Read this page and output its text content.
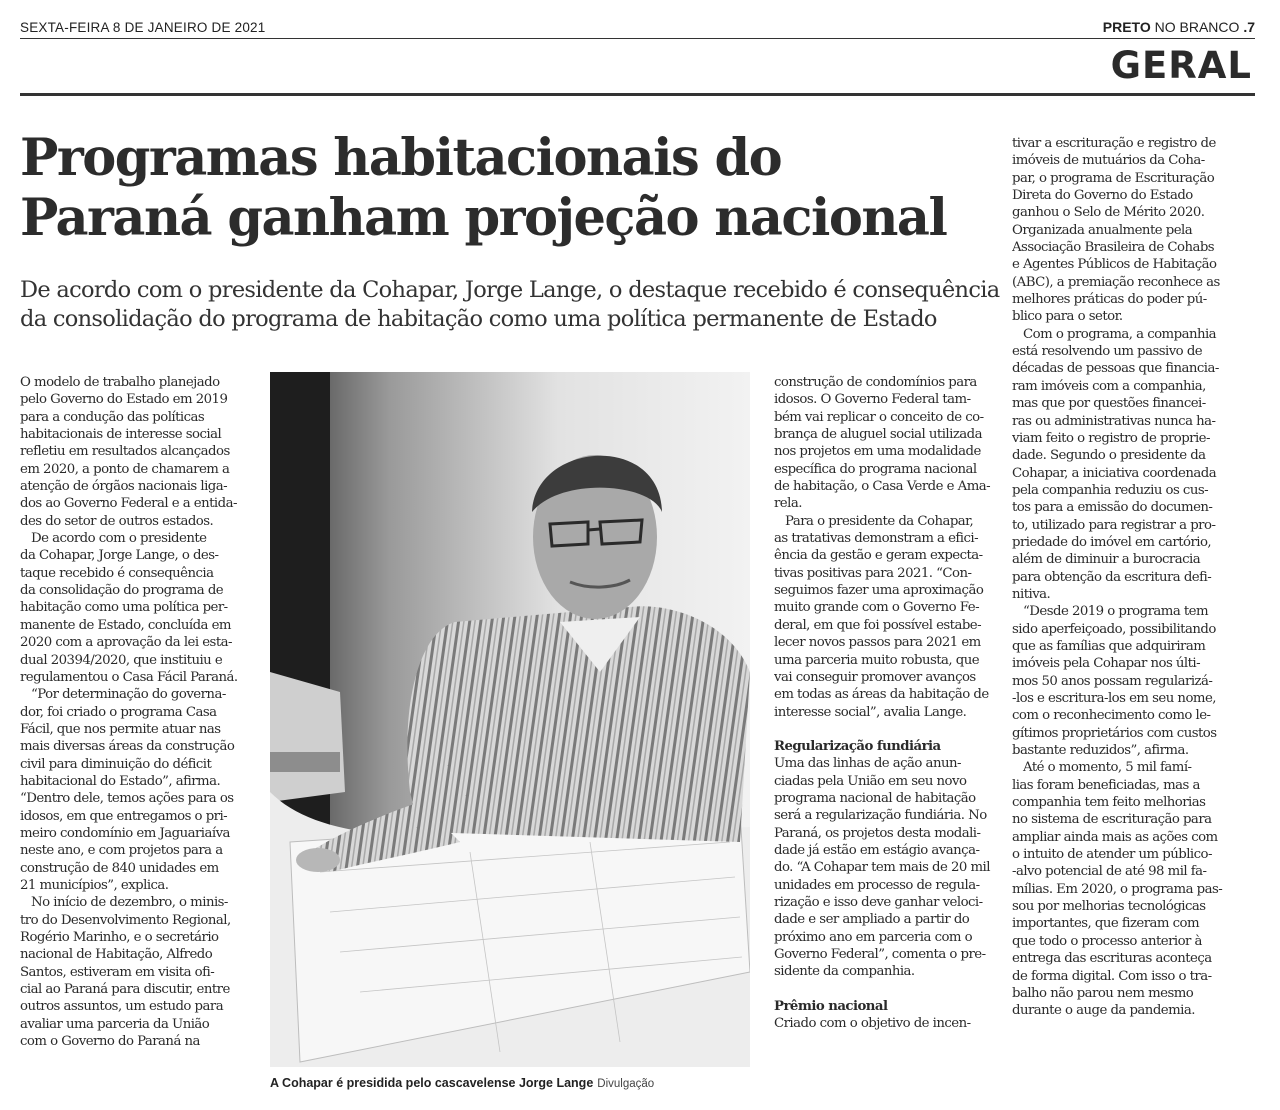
SEXTA-FEIRA 8 DE JANEIRO DE 2021	PRETO NO BRANCO .7
GERAL
Programas habitacionais do
Paraná ganham projeção nacional

De acordo com o presidente da Cohapar, Jorge Lange, o destaque recebido é consequência
da consolidação do programa de habitação como uma política permanente de Estado

O modelo de trabalho planejado
pelo Governo do Estado em 2019
para a condução das políticas
habitacionais de interesse social
refletiu em resultados alcançados
em 2020, a ponto de chamarem a
atenção de órgãos nacionais liga-
dos ao Governo Federal e a entida-
des do setor de outros estados.
De acordo com o presidente
da Cohapar, Jorge Lange, o des-
taque recebido é consequência
da consolidação do programa de
habitação como uma política per-
manente de Estado, concluída em
2020 com a aprovação da lei esta-
dual 20394/2020, que instituiu e
regulamentou o Casa Fácil Paraná.
“Por determinação do governa-
dor, foi criado o programa Casa
Fácil, que nos permite atuar nas
mais diversas áreas da construção
civil para diminuição do déficit
habitacional do Estado”, afirma.
“Dentro dele, temos ações para os
idosos, em que entregamos o pri-
meiro condomínio em Jaguariaíva
neste ano, e com projetos para a
construção de 840 unidades em
21 municípios”, explica.
No início de dezembro, o minis-
tro do Desenvolvimento Regional,
Rogério Marinho, e o secretário
nacional de Habitação, Alfredo
Santos, estiveram em visita ofi-
cial ao Paraná para discutir, entre
outros assuntos, um estudo para
avaliar uma parceria da União
com o Governo do Paraná na
A Cohapar é presidida pelo cascavelense Jorge Lange Divulgação
construção de condomínios para
idosos. O Governo Federal tam-
bém vai replicar o conceito de co-
brança de aluguel social utilizada
nos projetos em uma modalidade
específica do programa nacional
de habitação, o Casa Verde e Ama-
rela.
Para o presidente da Cohapar,
as tratativas demonstram a efici-
ência da gestão e geram expecta-
tivas positivas para 2021. “Con-
seguimos fazer uma aproximação
muito grande com o Governo Fe-
deral, em que foi possível estabe-
lecer novos passos para 2021 em
uma parceria muito robusta, que
vai conseguir promover avanços
em todas as áreas da habitação de
interesse social”, avalia Lange.
Regularização fundiária
Uma das linhas de ação anun-
ciadas pela União em seu novo
programa nacional de habitação
será a regularização fundiária. No
Paraná, os projetos desta modali-
dade já estão em estágio avança-
do. “A Cohapar tem mais de 20 mil
unidades em processo de regula-
rização e isso deve ganhar veloci-
dade e ser ampliado a partir do
próximo ano em parceria com o
Governo Federal”, comenta o pre-
sidente da companhia.
Prêmio nacional
Criado com o objetivo de incen-
tivar a escrituração e registro de
imóveis de mutuários da Coha-
par, o programa de Escrituração
Direta do Governo do Estado
ganhou o Selo de Mérito 2020.
Organizada anualmente pela
Associação Brasileira de Cohabs
e Agentes Públicos de Habitação
(ABC), a premiação reconhece as
melhores práticas do poder pú-
blico para o setor.
Com o programa, a companhia
está resolvendo um passivo de
décadas de pessoas que financia-
ram imóveis com a companhia,
mas que por questões financei-
ras ou administrativas nunca ha-
viam feito o registro de proprie-
dade. Segundo o presidente da
Cohapar, a iniciativa coordenada
pela companhia reduziu os cus-
tos para a emissão do documen-
to, utilizado para registrar a pro-
priedade do imóvel em cartório,
além de diminuir a burocracia
para obtenção da escritura defi-
nitiva.
“Desde 2019 o programa tem
sido aperfeiçoado, possibilitando
que as famílias que adquiriram
imóveis pela Cohapar nos últi-
mos 50 anos possam regularizá-
-los e escritura-los em seu nome,
com o reconhecimento como le-
gítimos proprietários com custos
bastante reduzidos”, afirma.
Até o momento, 5 mil famí-
lias foram beneficiadas, mas a
companhia tem feito melhorias
no sistema de escrituração para
ampliar ainda mais as ações com
o intuito de atender um público-
-alvo potencial de até 98 mil fa-
mílias. Em 2020, o programa pas-
sou por melhorias tecnológicas
importantes, que fizeram com
que todo o processo anterior à
entrega das escrituras aconteça
de forma digital. Com isso o tra-
balho não parou nem mesmo
durante o auge da pandemia.
